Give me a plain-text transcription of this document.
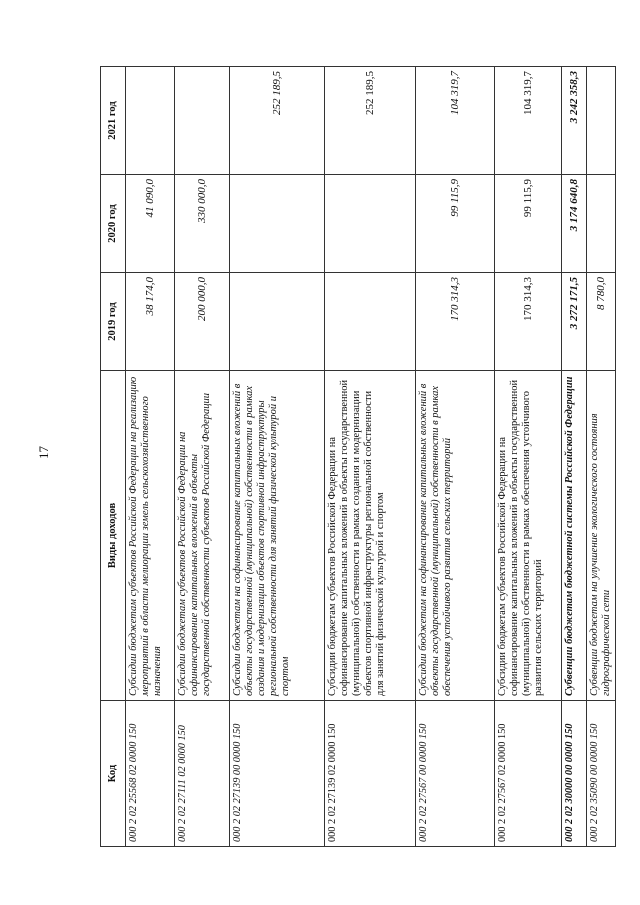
17
Код	Виды доходов	2019 год	2020 год	2021 год
000 2 02 25568 02 0000 150	Субсидии бюджетам субъектов Российской Федерации на реализацию мероприятий в области мелиорации земель сельскохозяйственного назначения	38 174,0	41 090,0	
000 2 02 27111 02 0000 150	Субсидии бюджетам субъектов Российской Федерации на софинансирование капитальных вложений в объекты государственной собственности субъектов Российской Федерации	200 000,0	330 000,0	
000 2 02 27139 00 0000 150	Субсидии бюджетам на софинансирование капитальных вложений в объекты государственной (муниципальной) собственности в рамках создания и модернизации объектов спортивной инфраструктуры региональной собственности для занятий физической культурой и спортом			252 189,5
000 2 02 27139 02 0000 150	Субсидии бюджетам субъектов Российской Федерации на софинансирование капитальных вложений в объекты государственной (муниципальной) собственности в рамках создания и модернизации объектов спортивной инфраструктуры региональной собственности для занятий физической культурой и спортом			252 189,5
000 2 02 27567 00 0000 150	Субсидии бюджетам на софинансирование капитальных вложений в объекты государственной (муниципальной) собственности в рамках обеспечения устойчивого развития сельских территорий	170 314,3	99 115,9	104 319,7
000 2 02 27567 02 0000 150	Субсидии бюджетам субъектов Российской Федерации на софинансирование капитальных вложений в объекты государственной (муниципальной) собственности в рамках обеспечения устойчивого развития сельских территорий	170 314,3	99 115,9	104 319,7
000 2 02 30000 00 0000 150	Субвенции бюджетам бюджетной системы Российской Федерации	3 272 171,5	3 174 640,8	3 242 358,3
000 2 02 35090 00 0000 150	Субвенции бюджетам на улучшение экологического состояния гидрографической сети	8 780,0		
